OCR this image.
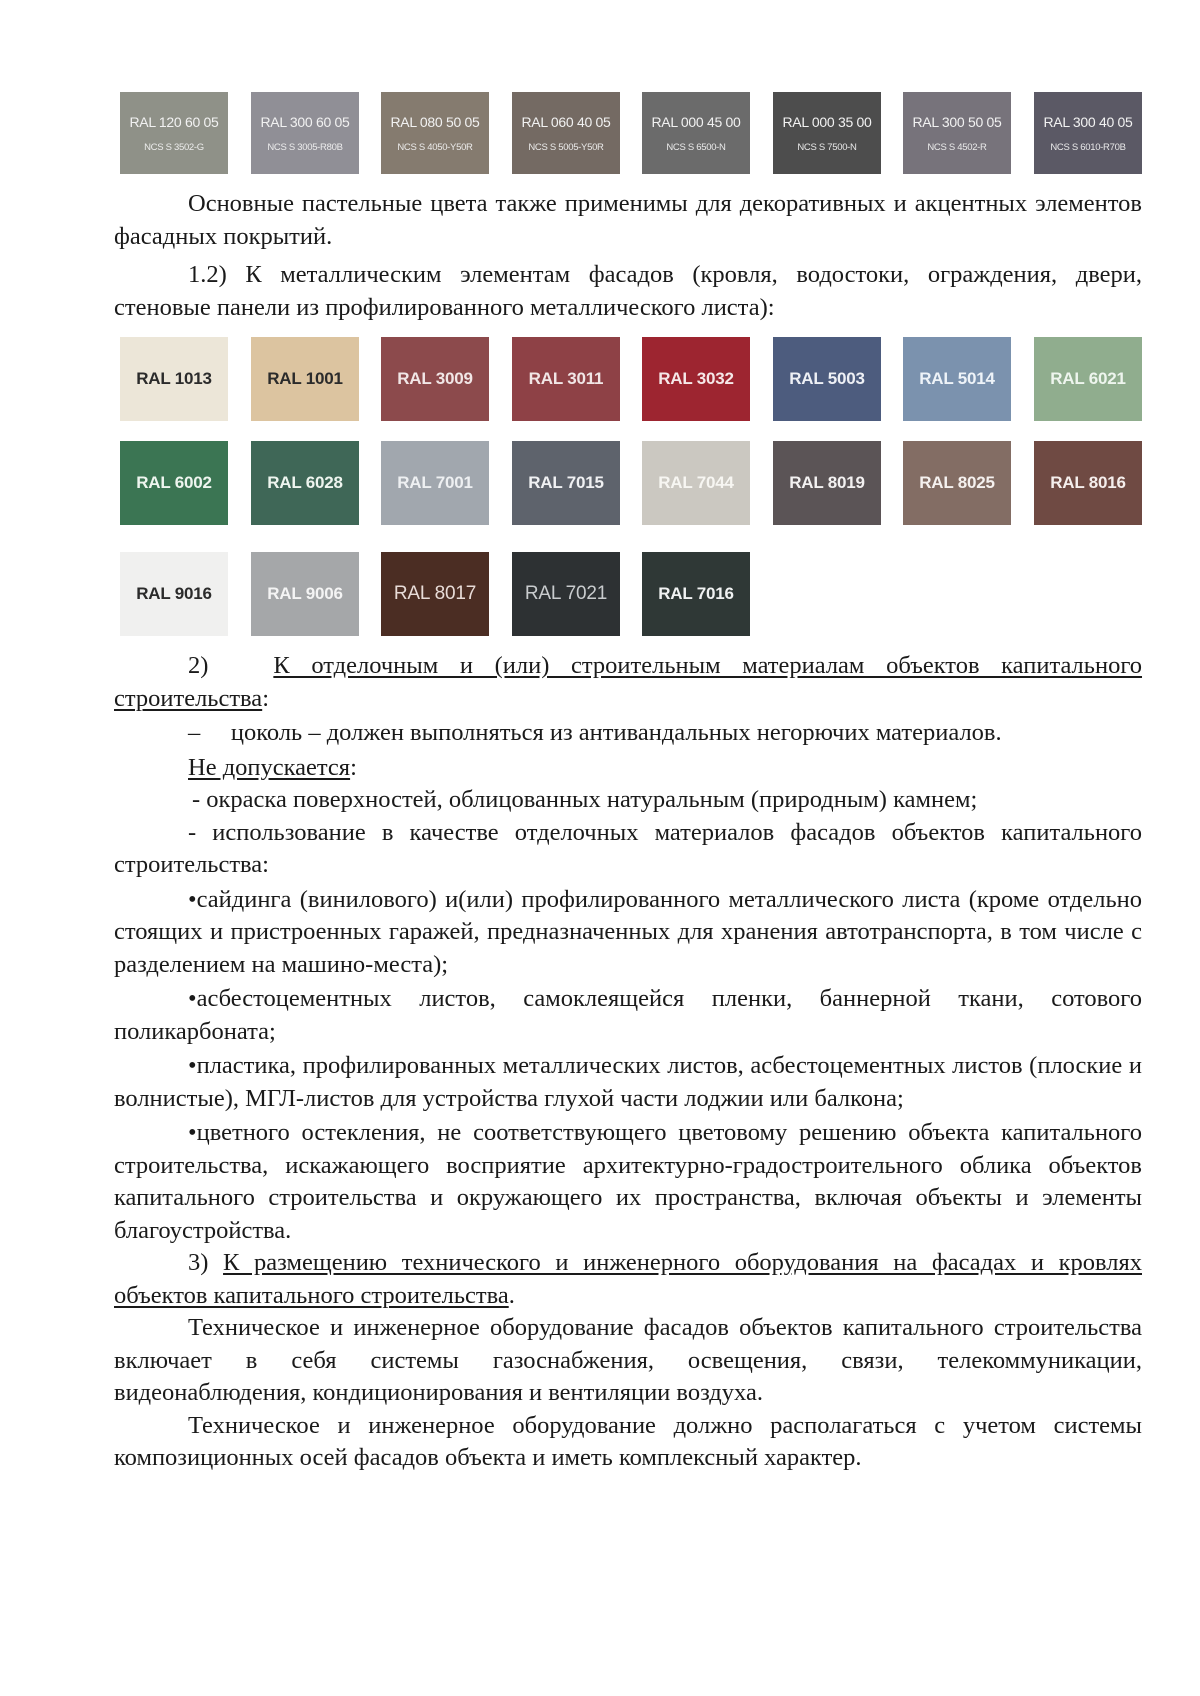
RAL 120 60 05
NCS S 3502-G
RAL 300 60 05
NCS S 3005-R80B
RAL 080 50 05
NCS S 4050-Y50R
RAL 060 40 05
NCS S 5005-Y50R
RAL 000 45 00
NCS S 6500-N
RAL 000 35 00
NCS S 7500-N
RAL 300 50 05
NCS S 4502-R
RAL 300 40 05
NCS S 6010-R70B

Основные пастельные цвета также применимы для декоративных и акцентных элементов фасадных покрытий.

1.2) К металлическим элементам фасадов (кровля, водостоки, ограждения, двери, стеновые панели из профилированного металлического листа):

RAL 1013	RAL 1001	RAL 3009	RAL 3011	RAL 3032	RAL 5003	RAL 5014	RAL 6021
RAL 6002	RAL 6028	RAL 7001	RAL 7015	RAL 7044	RAL 8019	RAL 8025	RAL 8016
RAL 9016	RAL 9006	RAL 8017	RAL 7021	RAL 7016

2)	К отделочным и (или) строительным материалам объектов капитального строительства:

–     цоколь – должен выполняться из антивандальных негорючих материалов.

Не допускается:

- окраска поверхностей, облицованных натуральным (природным) камнем;

- использование в качестве отделочных материалов фасадов объектов капитального строительства:

•сайдинга (винилового) и(или) профилированного металлического листа (кроме отдельно стоящих и пристроенных гаражей, предназначенных для хранения автотранспорта, в том числе с разделением на машино-места);

•асбестоцементных листов, самоклеящейся пленки, баннерной ткани, сотового поликарбоната;

•пластика, профилированных металлических листов, асбестоцементных листов (плоские и волнистые), МГЛ-листов для устройства глухой части лоджии или балкона;

•цветного остекления, не соответствующего цветовому решению объекта капитального строительства, искажающего восприятие архитектурно-градостроительного облика объектов капитального строительства и окружающего их пространства, включая объекты и элементы благоустройства.

3) К размещению технического и инженерного оборудования на фасадах и кровлях объектов капитального строительства.

Техническое и инженерное оборудование фасадов объектов капитального строительства включает в себя системы газоснабжения, освещения, связи, телекоммуникации, видеонаблюдения, кондиционирования и вентиляции воздуха.

Техническое и инженерное оборудование должно располагаться с учетом системы композиционных осей фасадов объекта и иметь комплексный характер.
